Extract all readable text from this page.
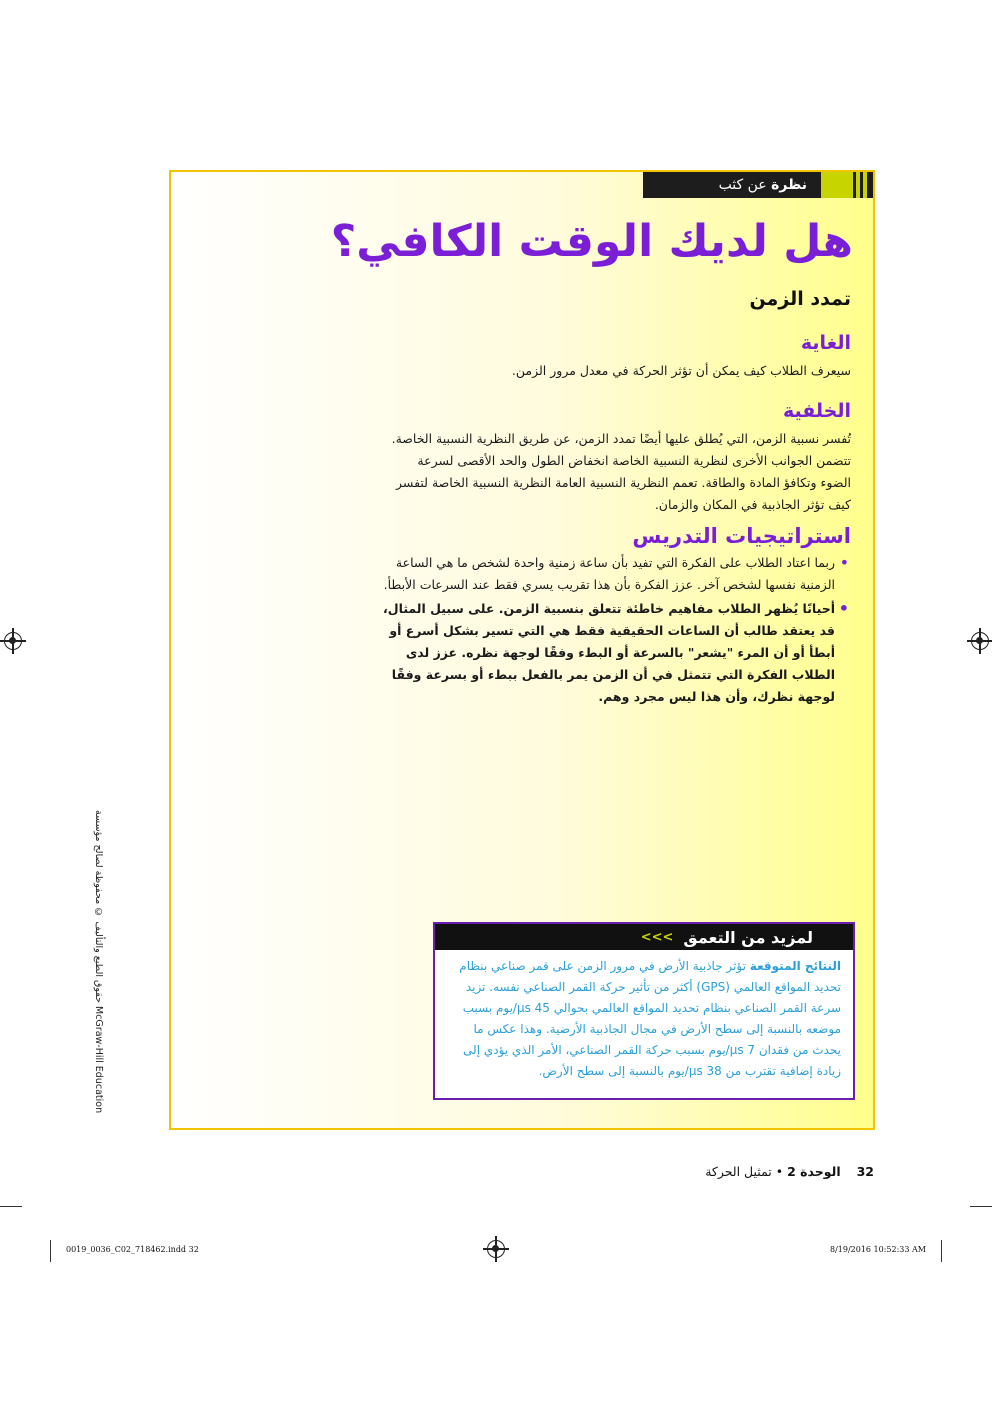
نظرة عن كثب
هل لديك الوقت الكافي؟
تمدد الزمن
الغاية
سيعرف الطلاب كيف يمكن أن تؤثر الحركة في معدل مرور الزمن.
الخلفية
تُفسر نسبية الزمن، التي يُطلق عليها أيضًا تمدد الزمن، عن طريق النظرية النسبية الخاصة. تتضمن الجوانب الأخرى لنظرية النسبية الخاصة انخفاض الطول والحد الأقصى لسرعة الضوء وتكافؤ المادة والطاقة. تعمم النظرية النسبية العامة النظرية النسبية الخاصة لتفسر كيف تؤثر الجاذبية في المكان والزمان.
استراتيجيات التدريس
• ربما اعتاد الطلاب على الفكرة التي تفيد بأن ساعة زمنية واحدة لشخص ما هي الساعة الزمنية نفسها لشخص آخر. عزز الفكرة بأن هذا تقريب يسري فقط عند السرعات الأبطأ.
• أحيانًا يُظهر الطلاب مفاهيم خاطئة تتعلق بنسبية الزمن. على سبيل المثال، قد يعتقد طالب أن الساعات الحقيقية فقط هي التي تسير بشكل أسرع أو أبطأ أو أن المرء "يشعر" بالسرعة أو البطء وفقًا لوجهة نظره. عزز لدى الطلاب الفكرة التي تتمثل في أن الزمن يمر بالفعل ببطء أو بسرعة وفقًا لوجهة نظرك، وأن هذا ليس مجرد وهم.
لمزيد من التعمق
>>>
النتائج المتوقعة تؤثر جاذبية الأرض في مرور الزمن على قمر صناعي بنظام تحديد المواقع العالمي (GPS) أكثر من تأثير حركة القمر الصناعي نفسه. تزيد سرعة القمر الصناعي بنظام تحديد المواقع العالمي بحوالي μs 45/يوم بسبب موضعه بالنسبة إلى سطح الأرض في مجال الجاذبية الأرضية. وهذا عكس ما يحدث من فقدان μs 7/يوم بسبب حركة القمر الصناعي، الأمر الذي يؤدي إلى زيادة إضافية تقترب من μs 38/يوم بالنسبة إلى سطح الأرض.
حقوق الطبع والتأليف © محفوظة لصالح مؤسسة McGraw-Hill Education
32 الوحدة 2 • تمثيل الحركة
0019_0036_C02_718462.indd 32	8/19/2016 10:52:33 AM
